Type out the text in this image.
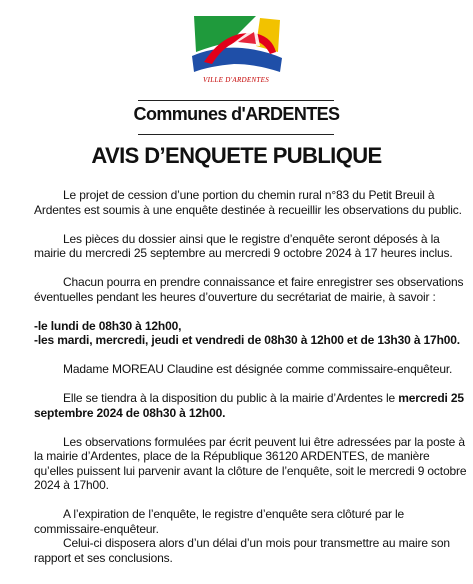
VILLE D'ARDENTES
Communes d'ARDENTES
AVIS D’ENQUETE PUBLIQUE

Le projet de cession d’une portion du chemin rural n°83 du Petit Breuil à Ardentes est soumis à une enquête destinée à recueillir les observations du public.

Les pièces du dossier ainsi que le registre d’enquête seront déposés à la mairie du mercredi 25 septembre au mercredi 9 octobre 2024 à 17 heures inclus.

Chacun pourra en prendre connaissance et faire enregistrer ses observations éventuelles pendant les heures d’ouverture du secrétariat de mairie, à savoir :

-le lundi de 08h30 à 12h00,
-les mardi, mercredi, jeudi et vendredi de 08h30 à 12h00 et de 13h30 à 17h00.

Madame MOREAU Claudine est désignée comme commissaire-enquêteur.

Elle se tiendra à la disposition du public à la mairie d’Ardentes le mercredi 25 septembre 2024 de 08h30 à 12h00.

Les observations formulées par écrit peuvent lui être adressées par la poste à la mairie d’Ardentes, place de la République 36120 ARDENTES, de manière qu’elles puissent lui parvenir avant la clôture de l’enquête, soit le mercredi 9 octobre 2024 à 17h00.

A l’expiration de l’enquête, le registre d’enquête sera clôturé par le commissaire-enquêteur.

Celui-ci disposera alors d’un délai d’un mois pour transmettre au maire son rapport et ses conclusions.
